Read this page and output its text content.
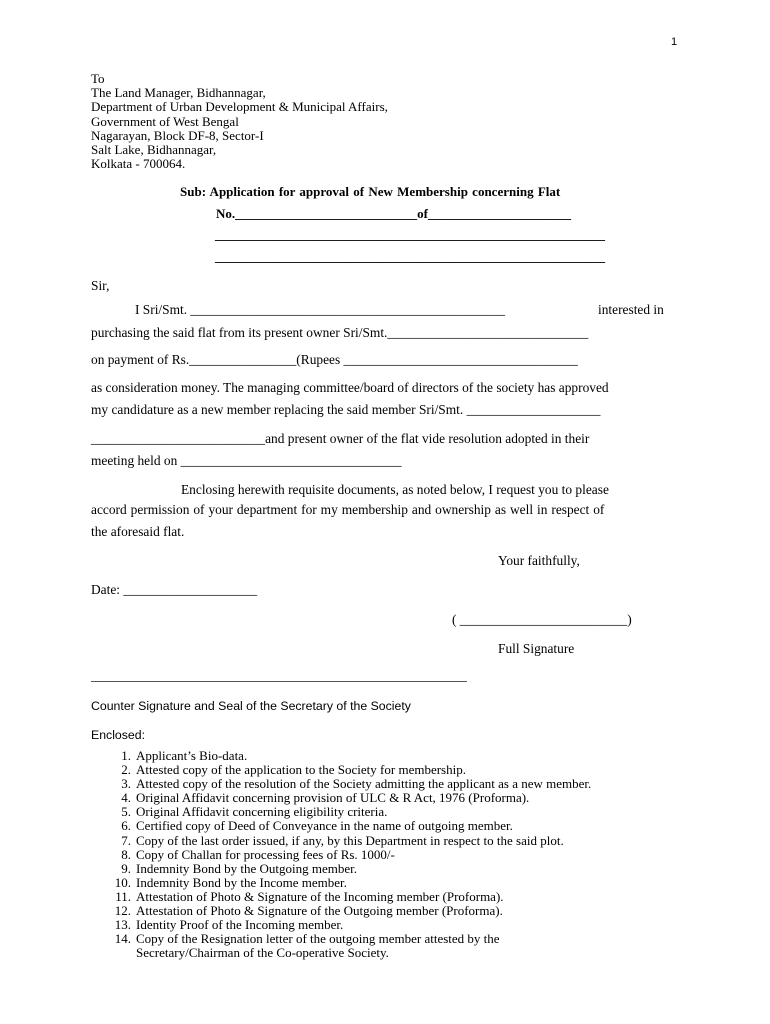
1
To
The Land Manager, Bidhannagar,
Department of Urban Development & Municipal Affairs,
Government of West Bengal
Nagarayan, Block DF-8, Sector-I
Salt Lake, Bidhannagar,
Kolkata - 700064.
Sub: Application for approval of New Membership concerning Flat
No.____________________________of______________________
____________________________________________________________
____________________________________________________________
Sir,
I Sri/Smt. _______________________________________________	interested in
purchasing the said flat from its present owner Sri/Smt.______________________________
on payment of Rs.________________(Rupees ___________________________________
as consideration money. The managing committee/board of directors of the society has approved
my candidature as a new member replacing the said member Sri/Smt. ____________________
__________________________and present owner of the flat vide resolution adopted in their
meeting held on _________________________________
Enclosing herewith requisite documents, as noted below, I request you to please
accord permission of your department for my membership and ownership as well in respect of
the aforesaid flat.
Your faithfully,
Date: ____________________
( _________________________)
Full Signature
Counter Signature and Seal of the Secretary of the Society
Enclosed:
1. Applicant’s Bio-data.
2. Attested copy of the application to the Society for membership.
3. Attested copy of the resolution of the Society admitting the applicant as a new member.
4. Original Affidavit concerning provision of ULC & R Act, 1976 (Proforma).
5. Original Affidavit concerning eligibility criteria.
6. Certified copy of Deed of Conveyance in the name of outgoing member.
7. Copy of the last order issued, if any, by this Department in respect to the said plot.
8. Copy of Challan for processing fees of Rs. 1000/-
9. Indemnity Bond by the Outgoing member.
10. Indemnity Bond by the Income member.
11. Attestation of Photo & Signature of the Incoming member (Proforma).
12. Attestation of Photo & Signature of the Outgoing member (Proforma).
13. Identity Proof of the Incoming member.
14. Copy of the Resignation letter of the outgoing member attested by the
Secretary/Chairman of the Co-operative Society.
